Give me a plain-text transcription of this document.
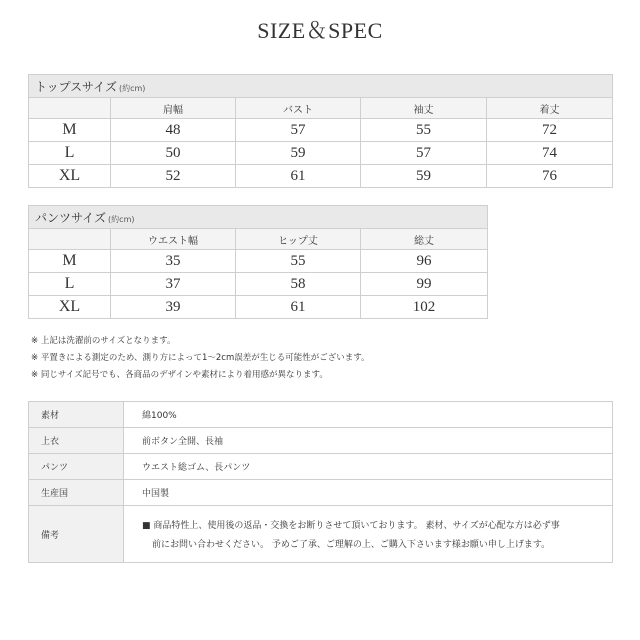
SIZE＆SPEC
トップスサイズ (約cm)				
	肩幅	バスト	袖丈	着丈
M	48	57	55	72
L	50	59	57	74
XL	52	61	59	76
パンツサイズ (約cm)			
	ウエスト幅	ヒップ丈	総丈
M	35	55	96
L	37	58	99
XL	39	61	102
※ 上記は洗濯前のサイズとなります。
※ 平置きによる測定のため、測り方によって1～2cm誤差が生じる可能性がございます。
※ 同じサイズ記号でも、各商品のデザインや素材により着用感が異なります。
素材	綿100%
上衣	前ボタン全開、長袖
パンツ	ウエスト総ゴム、長パンツ
生産国	中国製
備考	■ 商品特性上、使用後の返品・交換をお断りさせて頂いております。 素材、サイズが心配な方は必ず事
前にお問い合わせください。 予めご了承、ご理解の上、ご購入下さいます様お願い申し上げます。
